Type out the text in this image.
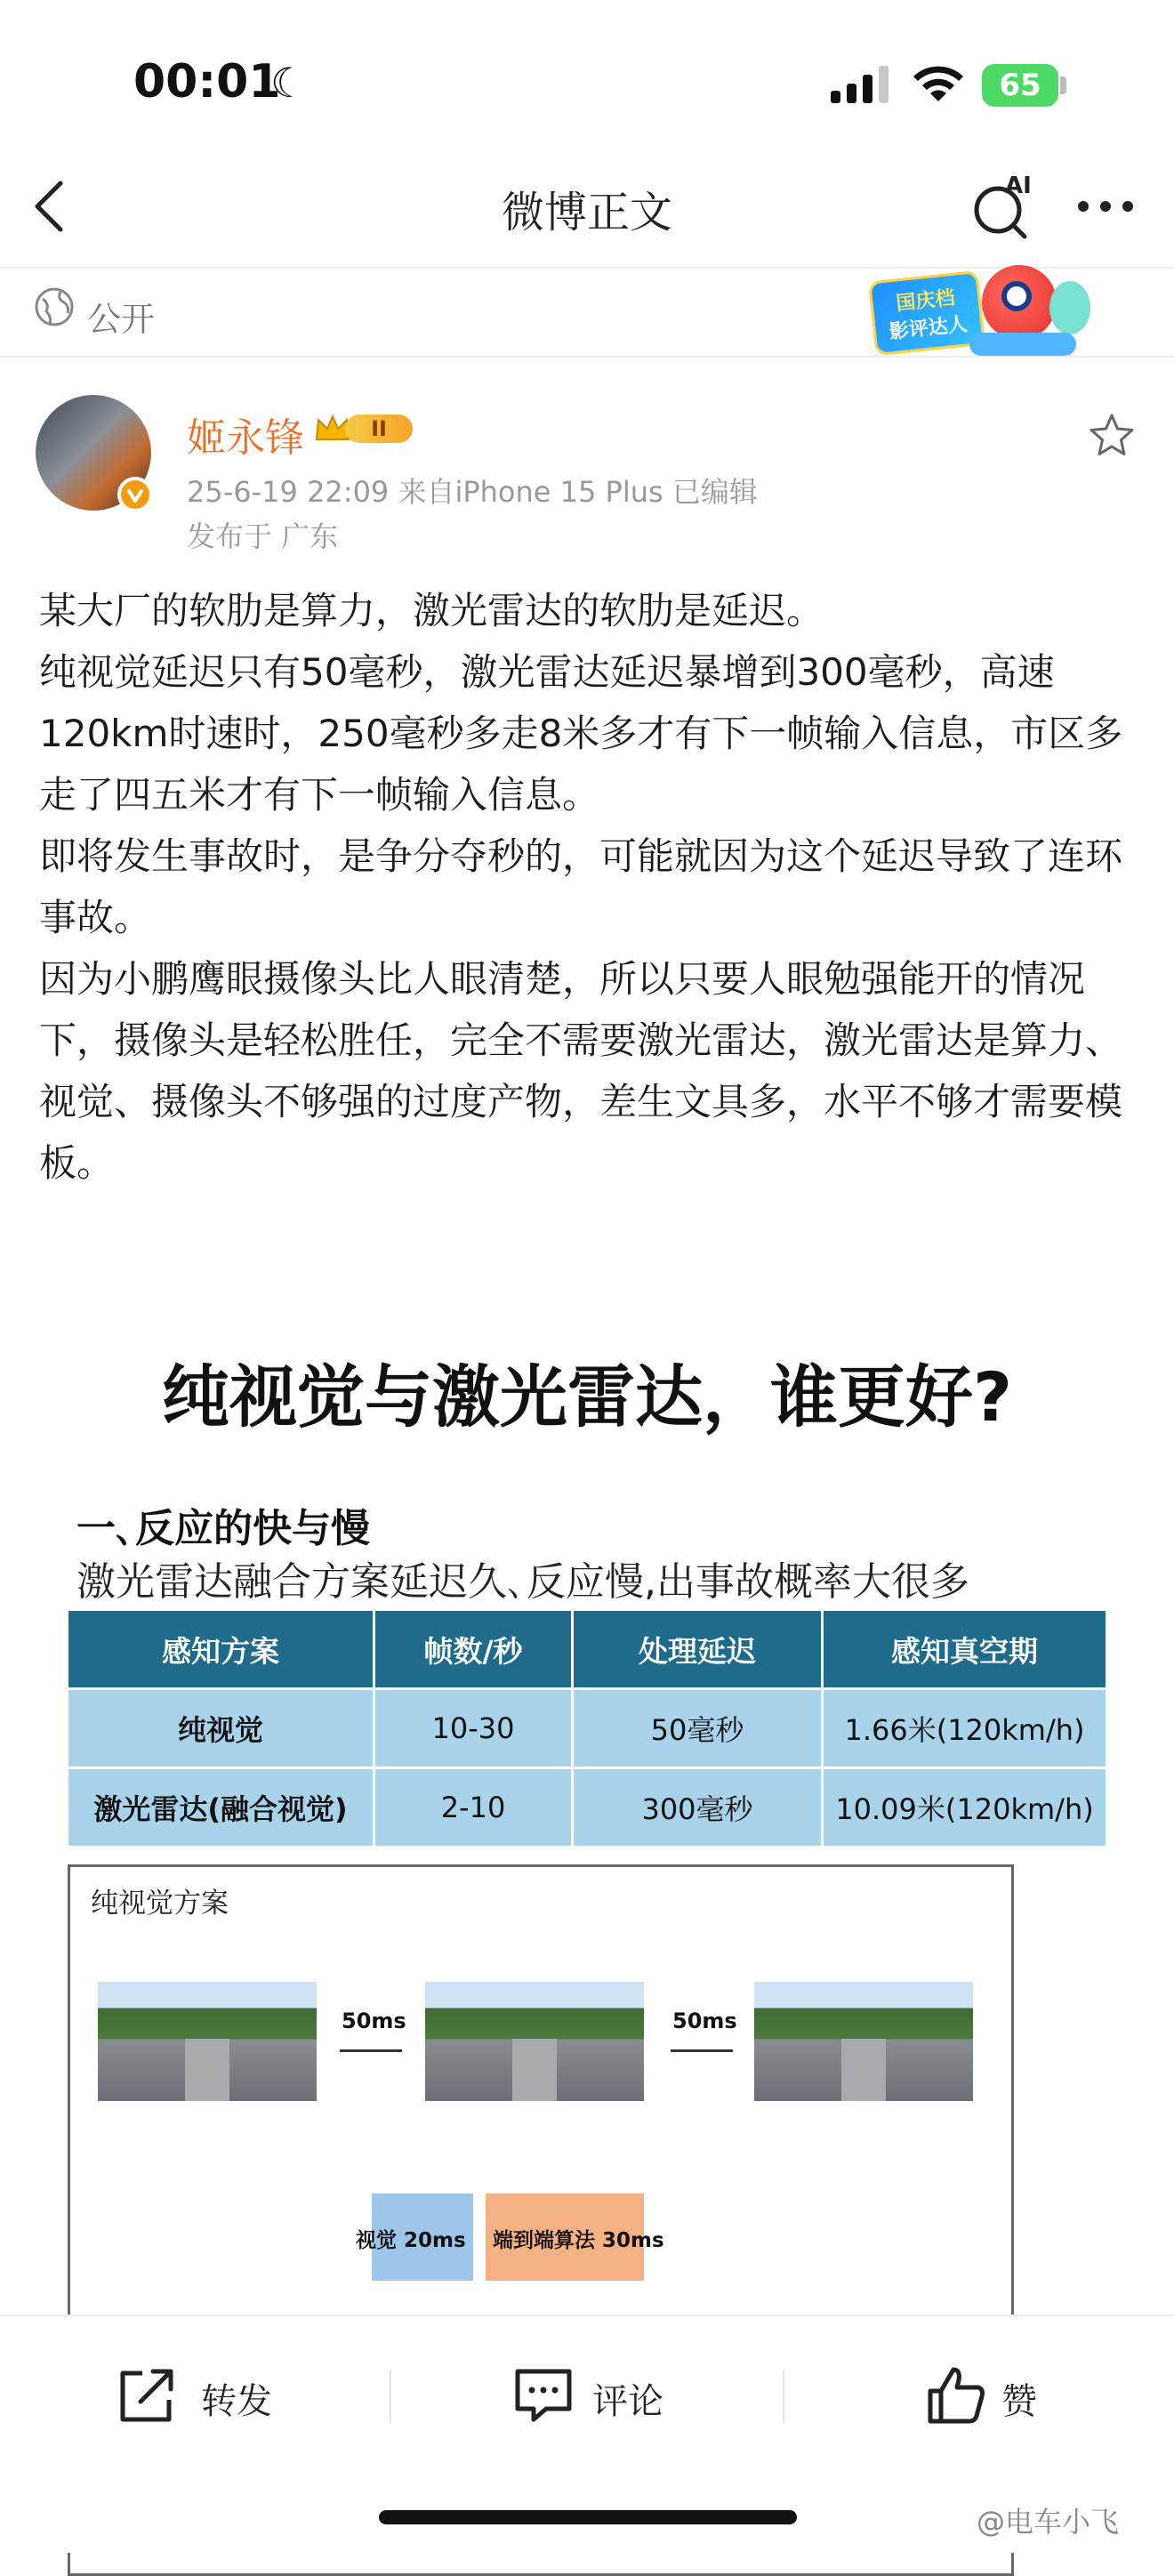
00:01
☾	65
微博正文
AI
公开	国庆档
影评达人
姬永锋	II
25-6-19 22:09 来自iPhone 15 Plus 已编辑
发布于 广东

某大厂的软肋是算力，激光雷达的软肋是延迟。

纯视觉延迟只有50毫秒，激光雷达延迟暴增到300毫秒，高速120km时速时，250毫秒多走8米多才有下一帧输入信息，市区多走了四五米才有下一帧输入信息。

即将发生事故时，是争分夺秒的，可能就因为这个延迟导致了连环事故。

因为小鹏鹰眼摄像头比人眼清楚，所以只要人眼勉强能开的情况下，摄像头是轻松胜任，完全不需要激光雷达，激光雷达是算力、视觉、摄像头不够强的过度产物，差生文具多，水平不够才需要模板。

纯视觉与激光雷达，谁更好?
一､反应的快与慢
激光雷达融合方案延迟久､反应慢,出事故概率大很多
感知方案	帧数/秒	处理延迟	感知真空期
纯视觉	10-30	50毫秒	1.66米(120km/h)
激光雷达(融合视觉)	2-10	300毫秒	10.09米(120km/h)
纯视觉方案
50ms	50ms
视觉 20ms 端到端算法 30ms
转发	评论	赞
@电车小飞
